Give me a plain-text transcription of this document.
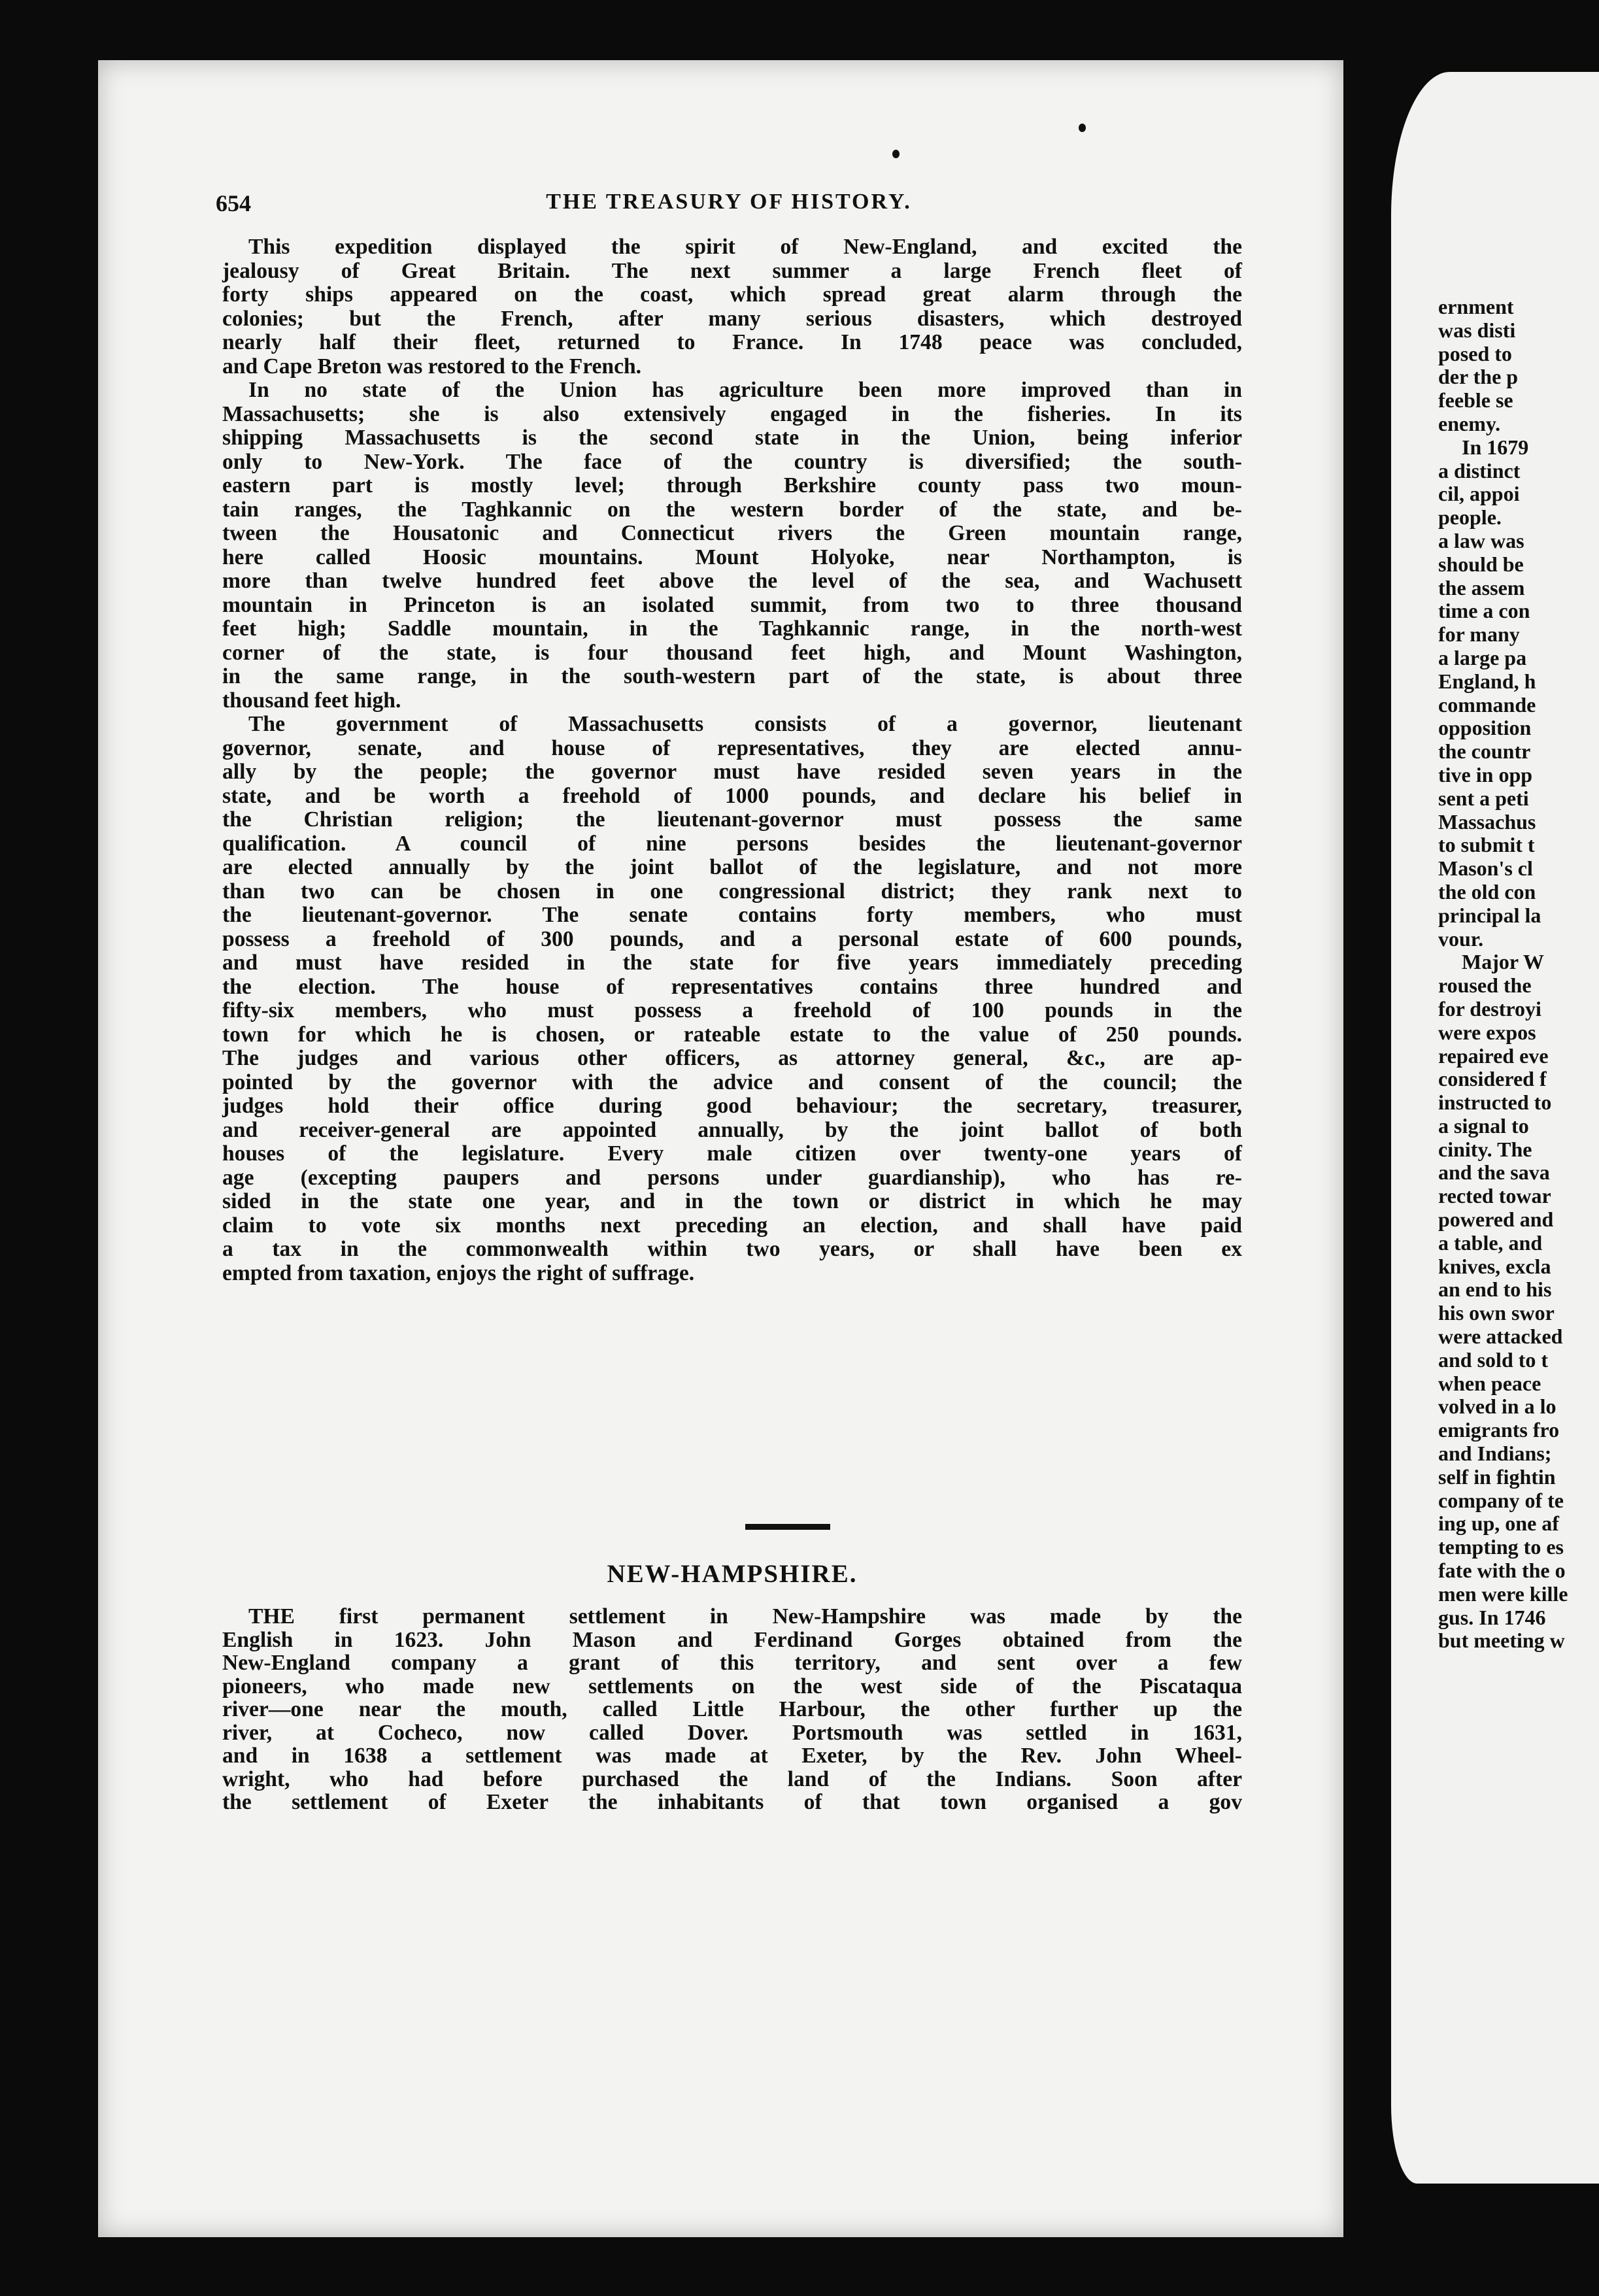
654	THE TREASURY OF HISTORY.
This expedition displayed the spirit of New-England, and excited the
jealousy of Great Britain. The next summer a large French fleet of
forty ships appeared on the coast, which spread great alarm through the
colonies; but the French, after many serious disasters, which destroyed
nearly half their fleet, returned to France. In 1748 peace was concluded,
and Cape Breton was restored to the French.
In no state of the Union has agriculture been more improved than in
Massachusetts; she is also extensively engaged in the fisheries. In its
shipping Massachusetts is the second state in the Union, being inferior
only to New-York. The face of the country is diversified; the south-
eastern part is mostly level; through Berkshire county pass two moun-
tain ranges, the Taghkannic on the western border of the state, and be-
tween the Housatonic and Connecticut rivers the Green mountain range,
here called Hoosic mountains. Mount Holyoke, near Northampton, is
more than twelve hundred feet above the level of the sea, and Wachusett
mountain in Princeton is an isolated summit, from two to three thousand
feet high; Saddle mountain, in the Taghkannic range, in the north-west
corner of the state, is four thousand feet high, and Mount Washington,
in the same range, in the south-western part of the state, is about three
thousand feet high.
The government of Massachusetts consists of a governor, lieutenant
governor, senate, and house of representatives, they are elected annu-
ally by the people; the governor must have resided seven years in the
state, and be worth a freehold of 1000 pounds, and declare his belief in
the Christian religion; the lieutenant-governor must possess the same
qualification. A council of nine persons besides the lieutenant-governor
are elected annually by the joint ballot of the legislature, and not more
than two can be chosen in one congressional district; they rank next to
the lieutenant-governor. The senate contains forty members, who must
possess a freehold of 300 pounds, and a personal estate of 600 pounds,
and must have resided in the state for five years immediately preceding
the election. The house of representatives contains three hundred and
fifty-six members, who must possess a freehold of 100 pounds in the
town for which he is chosen, or rateable estate to the value of 250 pounds.
The judges and various other officers, as attorney general, &c., are ap-
pointed by the governor with the advice and consent of the council; the
judges hold their office during good behaviour; the secretary, treasurer,
and receiver-general are appointed annually, by the joint ballot of both
houses of the legislature. Every male citizen over twenty-one years of
age (excepting paupers and persons under guardianship), who has re-
sided in the state one year, and in the town or district in which he may
claim to vote six months next preceding an election, and shall have paid
a tax in the commonwealth within two years, or shall have been ex
empted from taxation, enjoys the right of suffrage.
NEW-HAMPSHIRE.
THE first permanent settlement in New-Hampshire was made by the
English in 1623. John Mason and Ferdinand Gorges obtained from the
New-England company a grant of this territory, and sent over a few
pioneers, who made new settlements on the west side of the Piscataqua
river—one near the mouth, called Little Harbour, the other further up the
river, at Cocheco, now called Dover. Portsmouth was settled in 1631,
and in 1638 a settlement was made at Exeter, by the Rev. John Wheel-
wright, who had before purchased the land of the Indians. Soon after
the settlement of Exeter the inhabitants of that town organised a gov
ernment
was disti
posed to
der the p
feeble se
enemy.
In 1679
a distinct
cil, appoi
people.
a law was
should be
the assem
time a con
for many
a large pa
England, h
commande
opposition
the countr
tive in opp
sent a peti
Massachus
to submit t
Mason's cl
the old con
principal la
vour.
Major W
roused the
for destroyi
were expos
repaired eve
considered f
instructed to
a signal to
cinity. The
and the sava
rected towar
powered and
a table, and
knives, excla
an end to his
his own swor
were attacked
and sold to t
when peace
volved in a lo
emigrants fro
and Indians;
self in fightin
company of te
ing up, one af
tempting to es
fate with the o
men were kille
gus. In 1746
but meeting w
